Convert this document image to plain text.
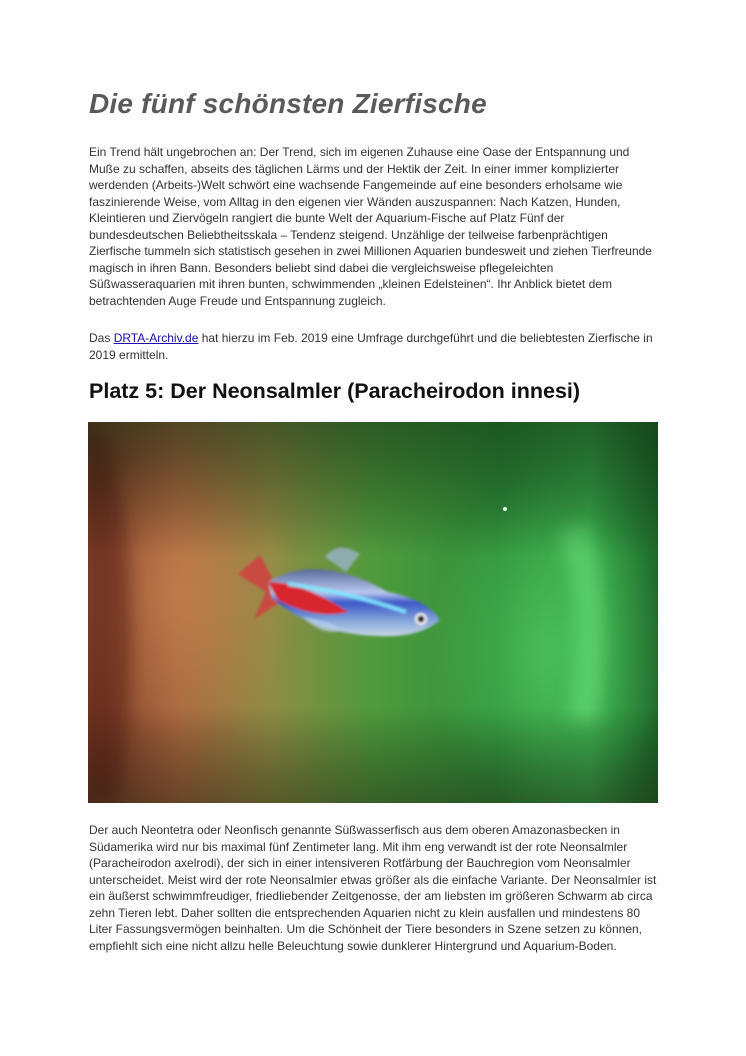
Die fünf schönsten Zierfische

Ein Trend hält ungebrochen an: Der Trend, sich im eigenen Zuhause eine Oase der Entspannung und Muße zu schaffen, abseits des täglichen Lärms und der Hektik der Zeit. In einer immer komplizierter werdenden (Arbeits-)Welt schwört eine wachsende Fangemeinde auf eine besonders erholsame wie faszinierende Weise, vom Alltag in den eigenen vier Wänden auszuspannen: Nach Katzen, Hunden, Kleintieren und Ziervögeln rangiert die bunte Welt der Aquarium-Fische auf Platz Fünf der bundesdeutschen Beliebtheitsskala – Tendenz steigend. Unzählige der teilweise farbenprächtigen Zierfische tummeln sich statistisch gesehen in zwei Millionen Aquarien bundesweit und ziehen Tierfreunde magisch in ihren Bann. Besonders beliebt sind dabei die vergleichsweise pflegeleichten Süßwasseraquarien mit ihren bunten, schwimmenden „kleinen Edelsteinen“. Ihr Anblick bietet dem betrachtenden Auge Freude und Entspannung zugleich.

Das DRTA-Archiv.de hat hierzu im Feb. 2019 eine Umfrage durchgeführt und die beliebtesten Zierfische in 2019 ermitteln.

Platz 5: Der Neonsalmler (Paracheirodon innesi)

Der auch Neontetra oder Neonfisch genannte Süßwasserfisch aus dem oberen Amazonasbecken in Südamerika wird nur bis maximal fünf Zentimeter lang. Mit ihm eng verwandt ist der rote Neonsalmler (Paracheirodon axelrodi), der sich in einer intensiveren Rotfärbung der Bauchregion vom Neonsalmler unterscheidet. Meist wird der rote Neonsalmler etwas größer als die einfache Variante. Der Neonsalmler ist ein äußerst schwimmfreudiger, friedliebender Zeitgenosse, der am liebsten im größeren Schwarm ab circa zehn Tieren lebt. Daher sollten die entsprechenden Aquarien nicht zu klein ausfallen und mindestens 80 Liter Fassungsvermögen beinhalten. Um die Schönheit der Tiere besonders in Szene setzen zu können, empfiehlt sich eine nicht allzu helle Beleuchtung sowie dunklerer Hintergrund und Aquarium-Boden.
